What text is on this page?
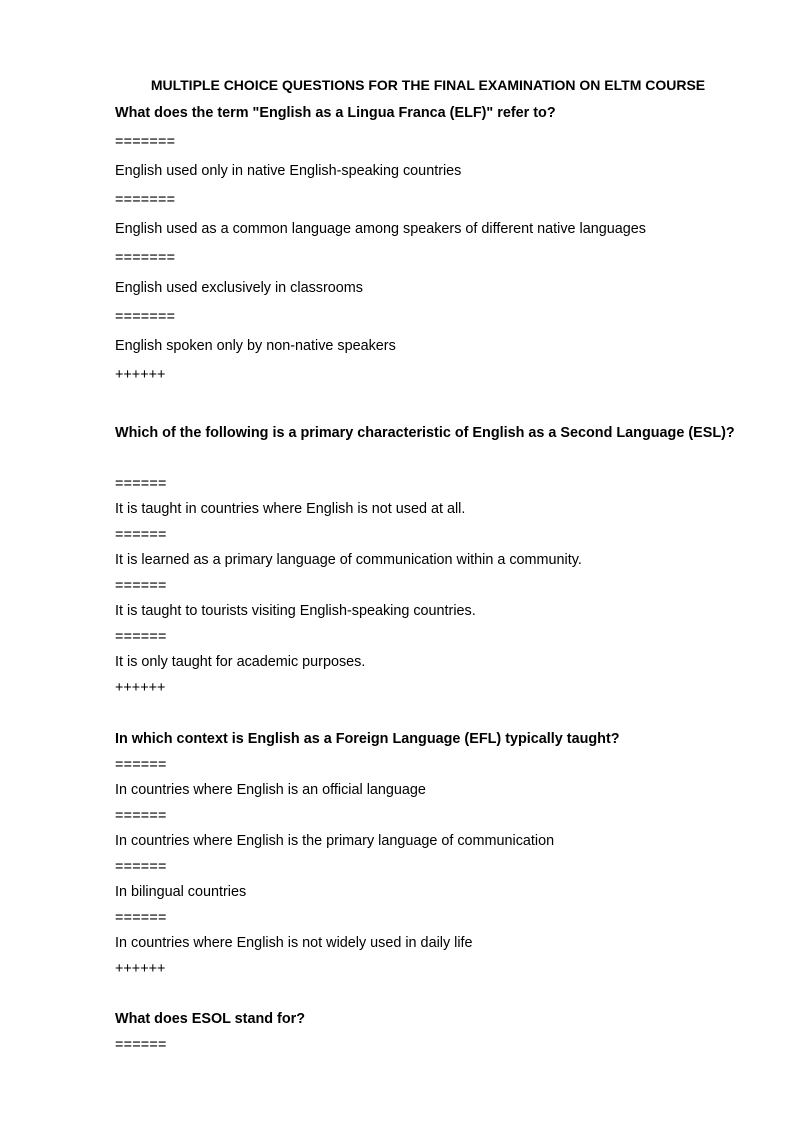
MULTIPLE CHOICE QUESTIONS FOR THE FINAL EXAMINATION ON ELTM COURSE
What does the term "English as a Lingua Franca (ELF)" refer to?
=======
English used only in native English-speaking countries
=======
English used as a common language among speakers of different native languages
=======
English used exclusively in classrooms
=======
English spoken only by non-native speakers
++++++
Which of the following is a primary characteristic of English as a Second Language (ESL)?
======
It is taught in countries where English is not used at all.
======
It is learned as a primary language of communication within a community.
======
It is taught to tourists visiting English-speaking countries.
======
It is only taught for academic purposes.
++++++
In which context is English as a Foreign Language (EFL) typically taught?
======
In countries where English is an official language
======
In countries where English is the primary language of communication
======
In bilingual countries
======
In countries where English is not widely used in daily life
++++++
What does ESOL stand for?
======
